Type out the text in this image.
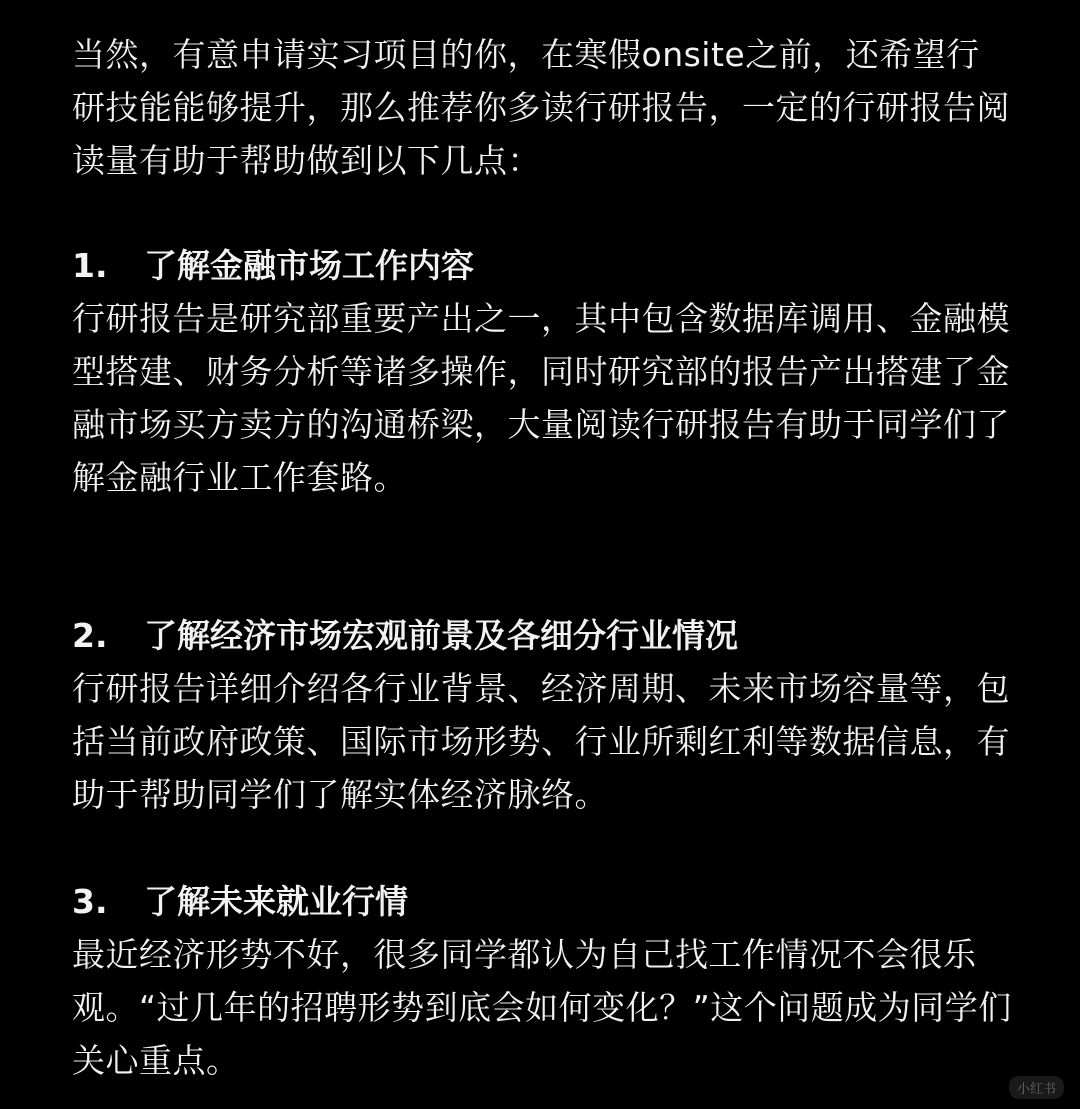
当然，有意申请实习项目的你，在寒假onsite之前，还希望行研技能能够提升，那么推荐你多读行研报告，一定的行研报告阅读量有助于帮助做到以下几点：

1.	了解金融市场工作内容

行研报告是研究部重要产出之一，其中包含数据库调用、金融模型搭建、财务分析等诸多操作，同时研究部的报告产出搭建了金融市场买方卖方的沟通桥梁，大量阅读行研报告有助于同学们了解金融行业工作套路。

2.	了解经济市场宏观前景及各细分行业情况

行研报告详细介绍各行业背景、经济周期、未来市场容量等，包括当前政府政策、国际市场形势、行业所剩红利等数据信息，有助于帮助同学们了解实体经济脉络。

3.	了解未来就业行情

最近经济形势不好，很多同学都认为自己找工作情况不会很乐观。“过几年的招聘形势到底会如何变化？”这个问题成为同学们关心重点。

小红书
